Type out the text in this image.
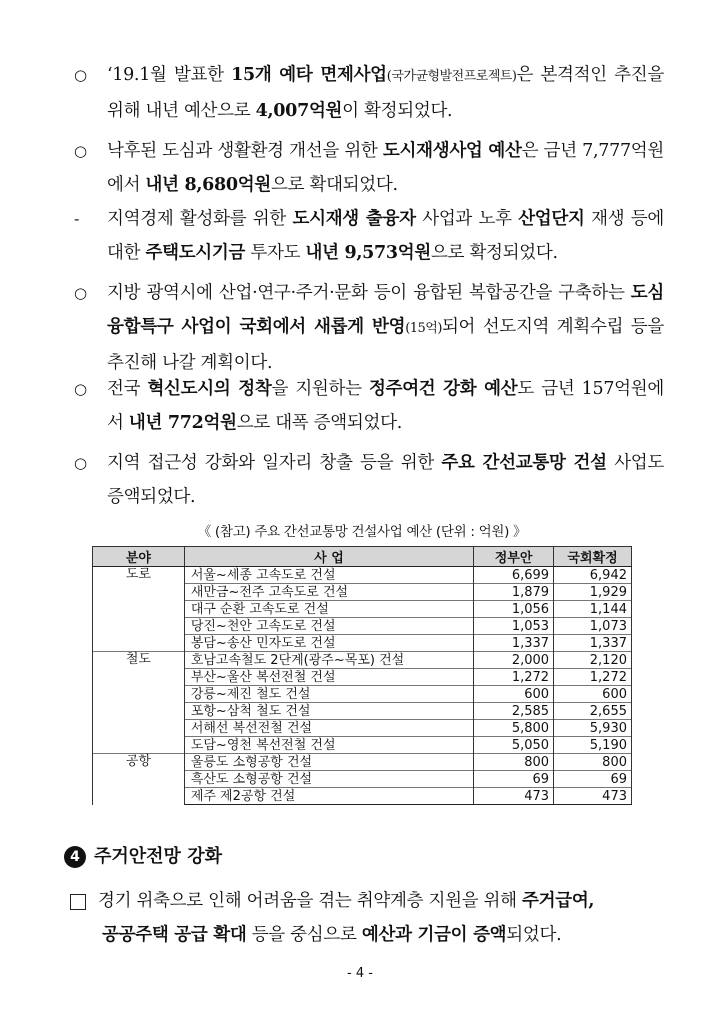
○	‘19.1월 발표한 15개 예타 면제사업(국가균형발전프로젝트)은 본격적인 추진을 위해 내년 예산으로 4,007억원이 확정되었다.
○	낙후된 도심과 생활환경 개선을 위한 도시재생사업 예산은 금년 7,777억원에서 내년 8,680억원으로 확대되었다.
-	지역경제 활성화를 위한 도시재생 출융자 사업과 노후 산업단지 재생 등에 대한 주택도시기금 투자도 내년 9,573억원으로 확정되었다.
○	지방 광역시에 산업·연구·주거·문화 등이 융합된 복합공간을 구축하는 도심융합특구 사업이 국회에서 새롭게 반영(15억)되어 선도지역 계획수립 등을 추진해 나갈 계획이다.
○	전국 혁신도시의 정착을 지원하는 정주여건 강화 예산도 금년 157억원에서 내년 772억원으로 대폭 증액되었다.
○	지역 접근성 강화와 일자리 창출 등을 위한 주요 간선교통망 건설 사업도 증액되었다.
《 (참고) 주요 간선교통망 건설사업 예산 (단위 : 억원) 》
분야	사 업	정부안	국회확정
도로	서울~세종 고속도로 건설	6,699	6,942
	새만금~전주 고속도로 건설	1,879	1,929
	대구 순환 고속도로 건설	1,056	1,144
	당진~천안 고속도로 건설	1,053	1,073
	봉담~송산 민자도로 건설	1,337	1,337
철도	호남고속철도 2단계(광주~목포) 건설	2,000	2,120
	부산~울산 복선전철 건설	1,272	1,272
	강릉~제진 철도 건설	600	600
	포항~삼척 철도 건설	2,585	2,655
	서해선 복선전철 건설	5,800	5,930
	도담~영천 복선전철 건설	5,050	5,190
공항	울릉도 소형공항 건설	800	800
	흑산도 소형공항 건설	69	69
	제주 제2공항 건설	473	473
4 주거안전망 강화
경기 위축으로 인해 어려움을 겪는 취약계층 지원을 위해 주거급여,
공공주택 공급 확대 등을 중심으로 예산과 기금이 증액되었다.
- 4 -
